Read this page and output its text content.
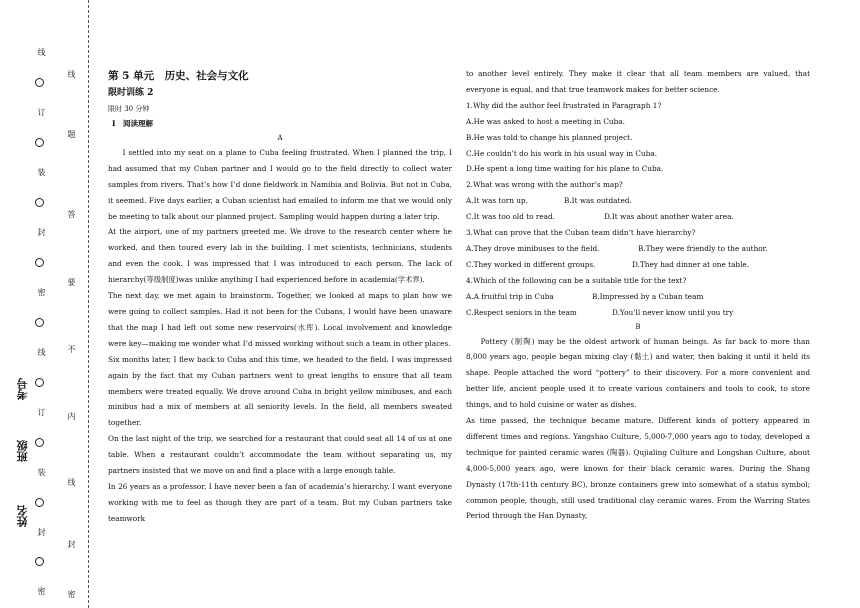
姓名
班级
考号
密
封
装
订
线
密
封
装
订
线
线
题
答
要
不
内
线
封
密

第 5 单元　历史、社会与文化

限时训练 2

限时 30 分钟

Ⅰ　阅读理解

A

I settled into my seat on a plane to Cuba feeling frustrated. When I planned the trip, I had assumed that my Cuban partner and I would go to the field directly to collect water samples from rivers. That’s how I’d done fieldwork in Namibia and Bolivia. But not in Cuba, it seemed. Five days earlier, a Cuban scientist had emailed to inform me that we would only be meeting to talk about our planned project. Sampling would happen during a later trip.

At the airport, one of my partners greeted me. We drove to the research center where he worked, and then toured every lab in the building. I met scientists, technicians, students and even the cook. I was impressed that I was introduced to each person. The lack of hierarchy(等级制度)was unlike anything I had experienced before in academia(学术界).

The next day, we met again to brainstorm. Together, we looked at maps to plan how we were going to collect samples. Had it not been for the Cubans, I would have been unaware that the map I had left out some new reservoirs(水库). Local involvement and knowledge were key—making me wonder what I’d missed working without such a team in other places.

Six months later, I flew back to Cuba and this time, we headed to the field. I was impressed again by the fact that my Cuban partners went to great lengths to ensure that all team members were treated equally. We drove around Cuba in bright yellow minibuses, and each minibus had a mix of members at all seniority levels. In the field, all members sweated together.

On the last night of the trip, we searched for a restaurant that could seat all 14 of us at one table. When a restaurant couldn’t accommodate the team without separating us, my partners insisted that we move on and find a place with a large enough table.

In 26 years as a professor, I have never been a fan of academia’s hierarchy. I want everyone working with me to feel as though they are part of a team. But my Cuban partners take teamwork

to another level entirely. They make it clear that all team members are valued, that everyone is equal, and that true teamwork makes for better science.

1.Why did the author feel frustrated in Paragraph 1?

A.He was asked to host a meeting in Cuba.

B.He was told to change his planned project.

C.He couldn’t do his work in his usual way in Cuba.

D.He spent a long time waiting for his plane to Cuba.

2.What was wrong with the author’s map?

A.It was torn up.	B.It was outdated.

C.It was too old to read.	D.It was about another water area.

3.What can prove that the Cuban team didn’t have hierarchy?

A.They drove minibuses to the field.	B.They were friendly to the author.

C.They worked in different groups.	D.They had dinner at one table.

4.Which of the following can be a suitable title for the text?

A.A fruitful trip in Cuba	B.Impressed by a Cuban team

C.Respect seniors in the team	D.You’ll never know until you try

B

Pottery (制陶) may be the oldest artwork of human beings. As far back to more than 8,000 years ago, people began mixing clay (黏土) and water, then baking it until it held its shape. People attached the word “pottery” to their discovery. For a more convenient and better life, ancient people used it to create various containers and tools to cook, to store things, and to hold cuisine or water as dishes.

As time passed, the technique became mature. Different kinds of pottery appeared in different times and regions. Yangshao Culture, 5,000-7,000 years ago to today, developed a technique for painted ceramic wares (陶器). Qujialing Culture and Longshan Culture, about 4,000-5,000 years ago, were known for their black ceramic wares. During the Shang Dynasty (17th-11th century BC), bronze containers grew into somewhat of a status symbol; common people, though, still used traditional clay ceramic wares. From the Warring States Period through the Han Dynasty,
